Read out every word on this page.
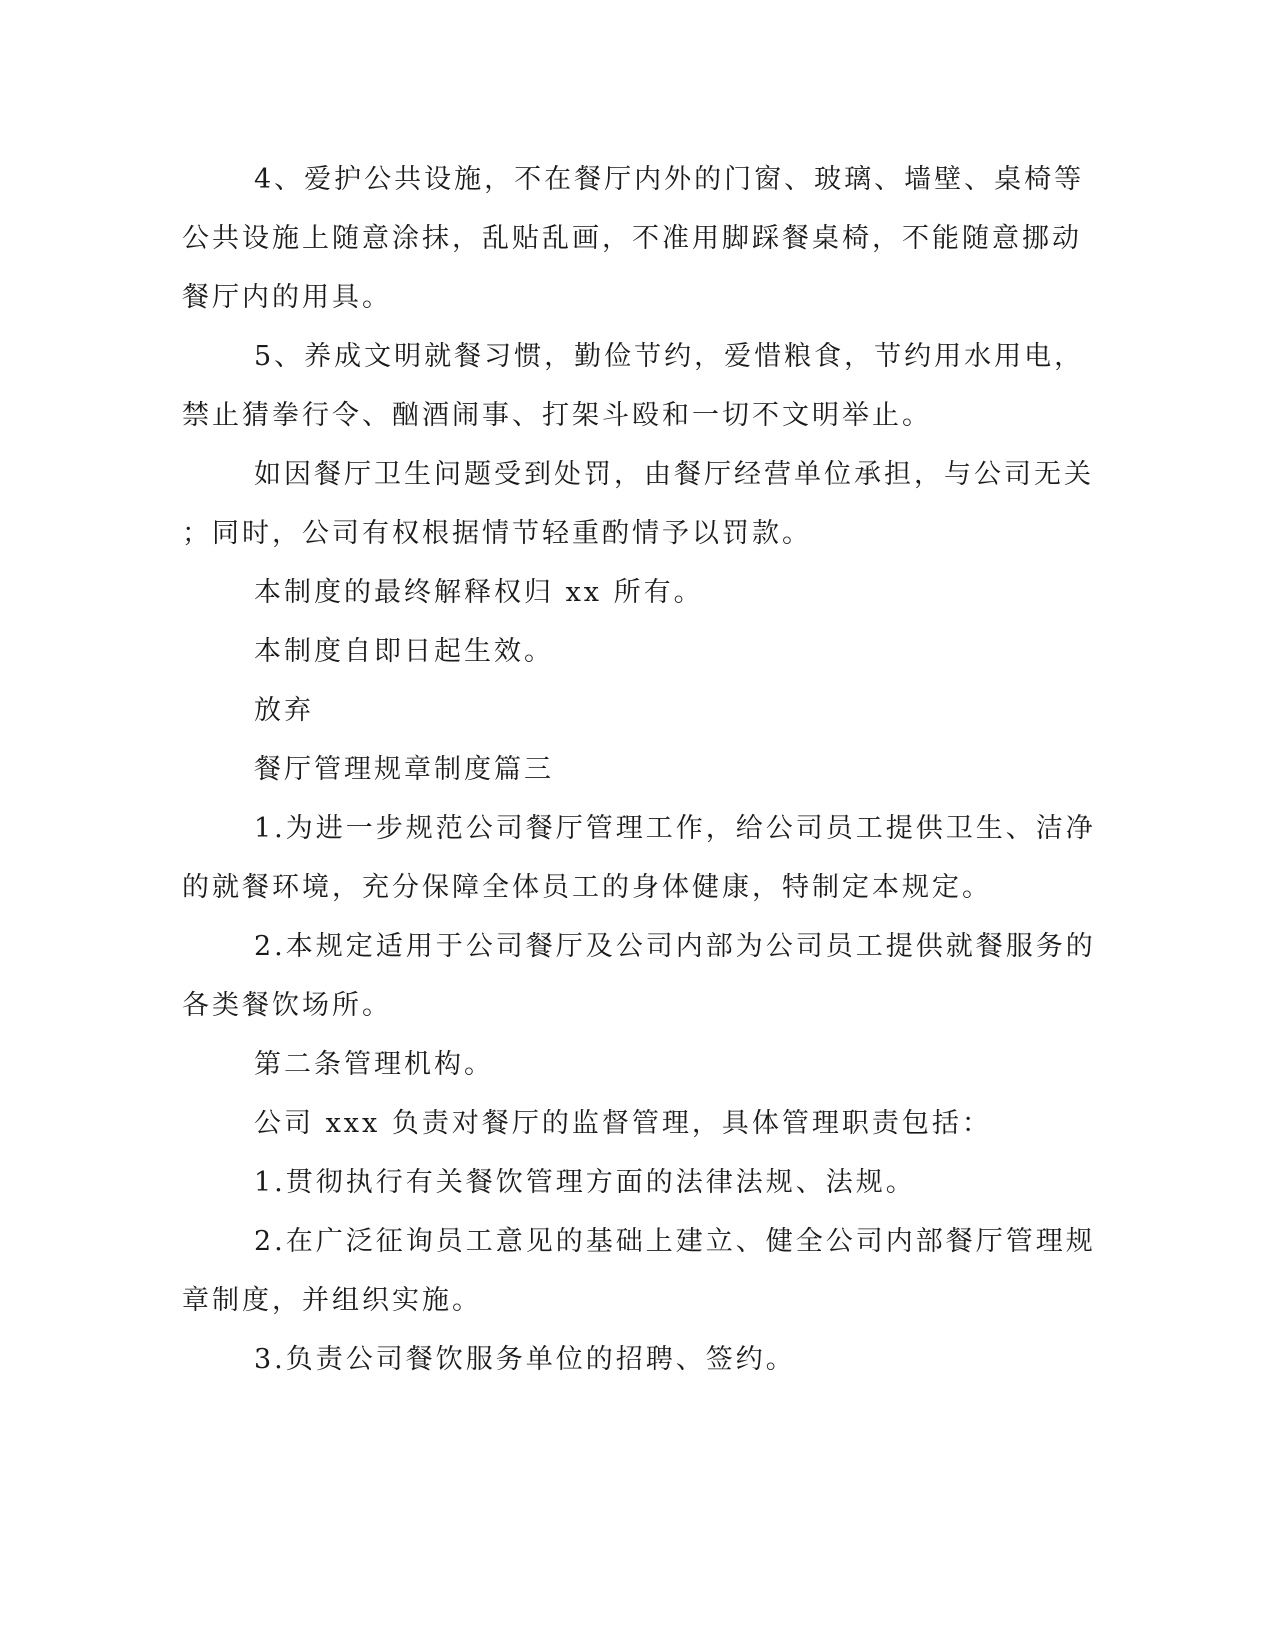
4、爱护公共设施，不在餐厅内外的门窗、玻璃、墙壁、桌椅等
公共设施上随意涂抹，乱贴乱画，不准用脚踩餐桌椅，不能随意挪动
餐厅内的用具。
5、养成文明就餐习惯，勤俭节约，爱惜粮食，节约用水用电，
禁止猜拳行令、酗酒闹事、打架斗殴和一切不文明举止。
如因餐厅卫生问题受到处罚，由餐厅经营单位承担，与公司无关
；同时，公司有权根据情节轻重酌情予以罚款。
本制度的最终解释权归 xx 所有。
本制度自即日起生效。
放弃
餐厅管理规章制度篇三
1.为进一步规范公司餐厅管理工作，给公司员工提供卫生、洁净
的就餐环境，充分保障全体员工的身体健康，特制定本规定。
2.本规定适用于公司餐厅及公司内部为公司员工提供就餐服务的
各类餐饮场所。
第二条管理机构。
公司 xxx 负责对餐厅的监督管理，具体管理职责包括：
1.贯彻执行有关餐饮管理方面的法律法规、法规。
2.在广泛征询员工意见的基础上建立、健全公司内部餐厅管理规
章制度，并组织实施。
3.负责公司餐饮服务单位的招聘、签约。
